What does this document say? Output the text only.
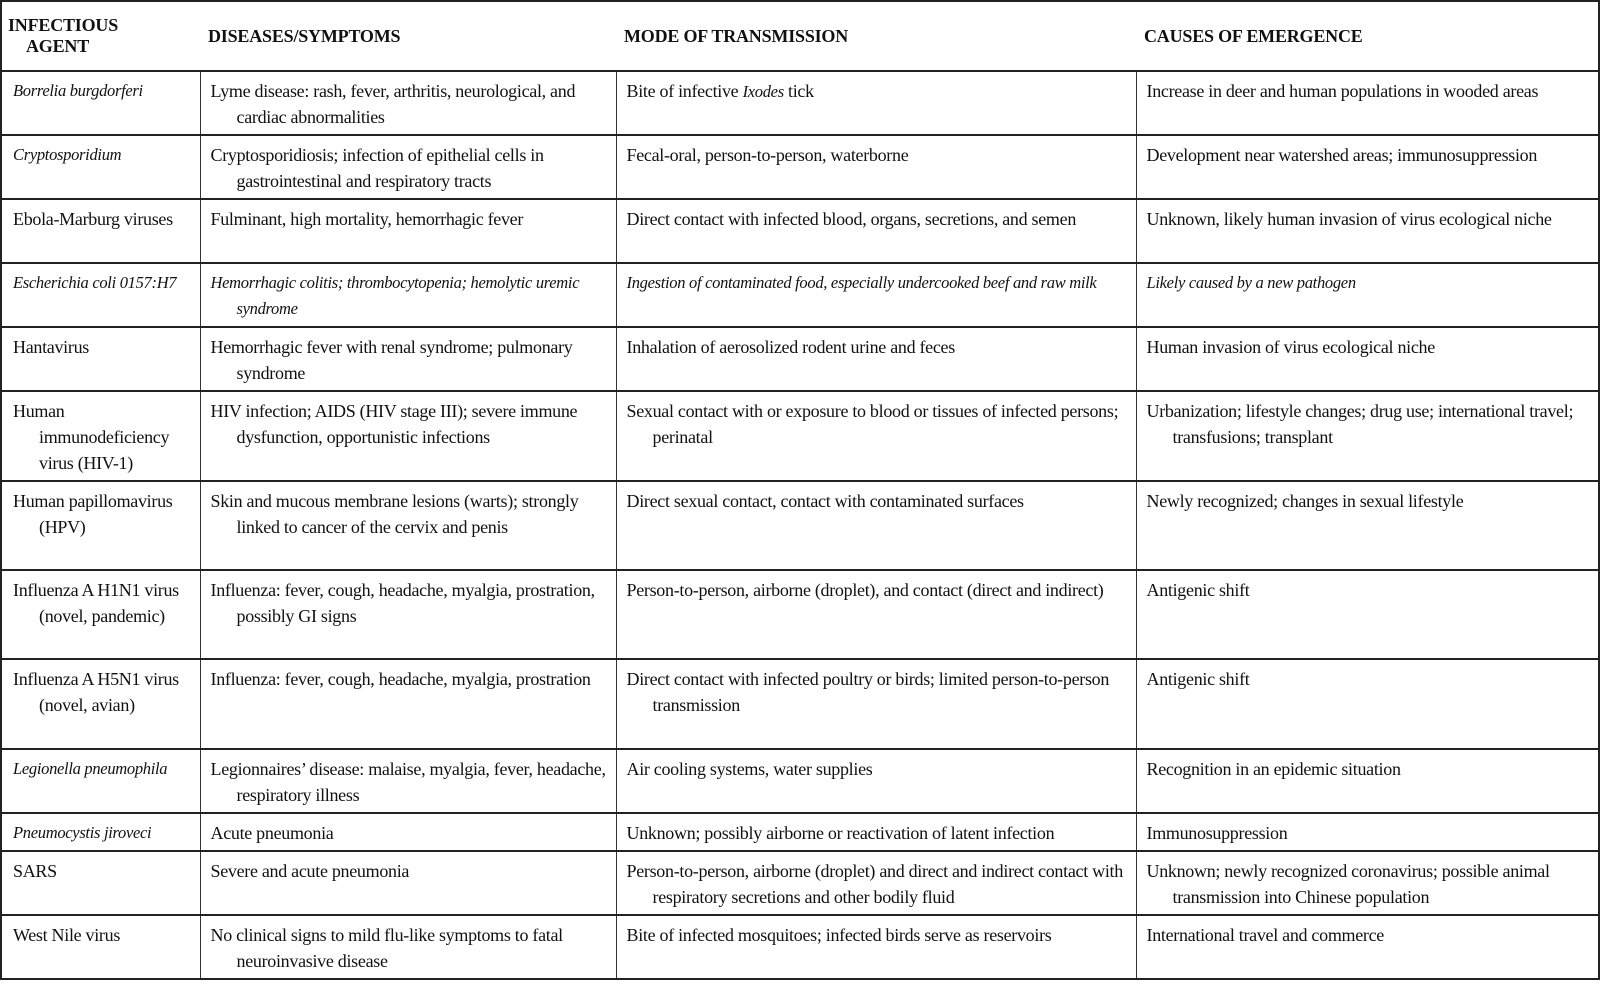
INFECTIOUS
AGENT	DISEASES/SYMPTOMS	MODE OF TRANSMISSION	CAUSES OF EMERGENCE

Borrelia burgdorferi	Lyme disease: rash, fever, arthritis, neurological, and cardiac abnormalities	Bite of infective Ixodes tick	Increase in deer and human populations in wooded areas

Cryptosporidium	Cryptosporidiosis; infection of epithelial cells in gastrointestinal and respiratory tracts	Fecal-oral, person-to-person, waterborne	Development near watershed areas; immunosuppression

Ebola-Marburg viruses	Fulminant, high mortality, hemorrhagic fever	Direct contact with infected blood, organs, secretions, and semen	Unknown, likely human invasion of virus ecological niche

Escherichia coli 0157:H7	Hemorrhagic colitis; thrombocytopenia; hemolytic uremic syndrome	Ingestion of contaminated food, especially undercooked beef and raw milk	Likely caused by a new pathogen

Hantavirus	Hemorrhagic fever with renal syndrome; pulmonary syndrome	Inhalation of aerosolized rodent urine and feces	Human invasion of virus ecological niche

Human immunodeficiency virus (HIV-1)	HIV infection; AIDS (HIV stage III); severe immune dysfunction, opportunistic infections	Sexual contact with or exposure to blood or tissues of infected persons; perinatal	Urbanization; lifestyle changes; drug use; international travel; transfusions; transplant

Human papillomavirus (HPV)	Skin and mucous membrane lesions (warts); strongly linked to cancer of the cervix and penis	Direct sexual contact, contact with contaminated surfaces	Newly recognized; changes in sexual lifestyle

Influenza A H1N1 virus (novel, pandemic)	Influenza: fever, cough, headache, myalgia, prostration, possibly GI signs	Person-to-person, airborne (droplet), and contact (direct and indirect)	Antigenic shift

Influenza A H5N1 virus (novel, avian)	Influenza: fever, cough, headache, myalgia, prostration	Direct contact with infected poultry or birds; limited person-to-person transmission	Antigenic shift

Legionella pneumophila	Legionnaires’ disease: malaise, myalgia, fever, headache, respiratory illness	Air cooling systems, water supplies	Recognition in an epidemic situation

Pneumocystis jiroveci	Acute pneumonia	Unknown; possibly airborne or reactivation of latent infection	Immunosuppression

SARS	Severe and acute pneumonia	Person-to-person, airborne (droplet) and direct and indirect contact with respiratory secretions and other bodily fluid	Unknown; newly recognized coronavirus; possible animal transmission into Chinese population

West Nile virus	No clinical signs to mild flu-like symptoms to fatal neuroinvasive disease	Bite of infected mosquitoes; infected birds serve as reservoirs	International travel and commerce
